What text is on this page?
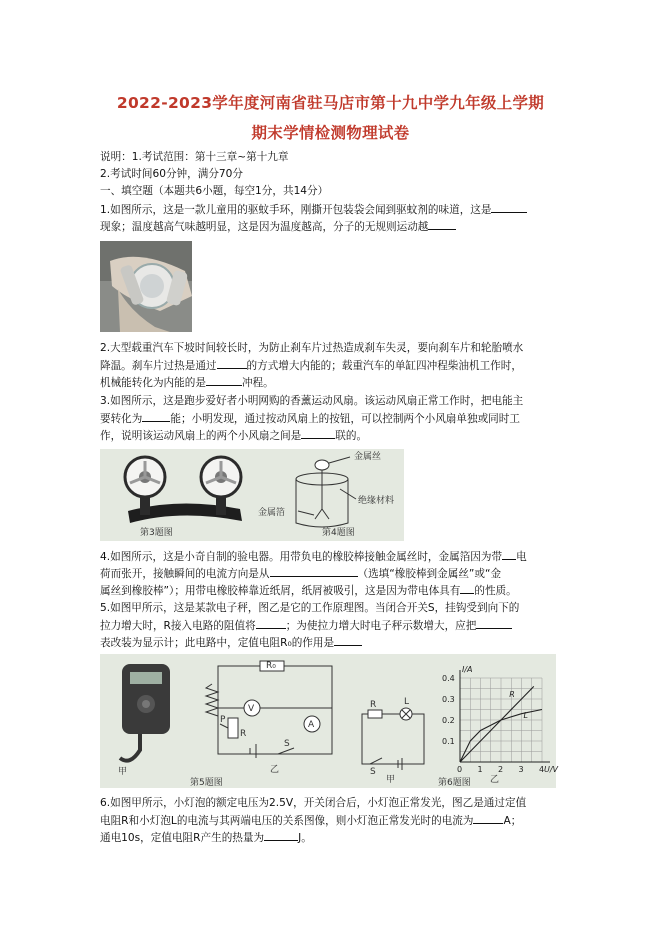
2022-2023学年度河南省驻马店市第十九中学九年级上学期
期末学情检测物理试卷
说明：1.考试范围：第十三章~第十九章
2.考试时间60分钟，满分70分
一、填空题（本题共6小题，每空1分，共14分）
1.如图所示，这是一款儿童用的驱蚊手环，刚撕开包装袋会闻到驱蚊剂的味道，这是
现象；温度越高气味越明显，这是因为温度越高，分子的无规则运动越
2.大型载重汽车下坡时间较长时，为防止刹车片过热造成刹车失灵，要向刹车片和轮胎喷水
降温。刹车片过热是通过	的方式增大内能的；载重汽车的单缸四冲程柴油机工作时，
机械能转化为内能的是	冲程。
3.如图所示，这是跑步爱好者小明网购的香薰运动风扇。该运动风扇正常工作时，把电能主
要转化为	能；小明发现，通过按动风扇上的按钮，可以控制两个小风扇单独或同时工
作，说明该运动风扇上的两个小风扇之间是	联的。
第3题图
金属丝
绝缘材料
金属箔
第4题图
4.如图所示，这是小奇自制的验电器。用带负电的橡胶棒接触金属丝时，金属箔因为带 电
荷而张开，接触瞬间的电流方向是从	（选填“橡胶棒到金属丝”或“金
属丝到橡胶棒”）；用带电橡胶棒靠近纸屑，纸屑被吸引，这是因为带电体具有 的性质。
5.如图甲所示，这是某款电子秤，图乙是它的工作原理图。当闭合开关S，挂钩受到向下的
拉力增大时，R接入电路的阻值将	；为使拉力增大时电子秤示数增大，应把
表改装为显示计；此电路中，定值电阻R₀的作用是
甲
R₀
V
A
P
R
S
乙
第5题图
R	L
S
甲
0 1 2 3 4
0.1
0.2
0.3
0.4
I/A
U/V
R
L
乙
第6题图
6.如图甲所示，小灯泡的额定电压为2.5V，开关闭合后，小灯泡正常发光，图乙是通过定值
电阻R和小灯泡L的电流与其两端电压的关系图像，则小灯泡正常发光时的电流为	A；
通电10s，定值电阻R产生的热量为	J。
